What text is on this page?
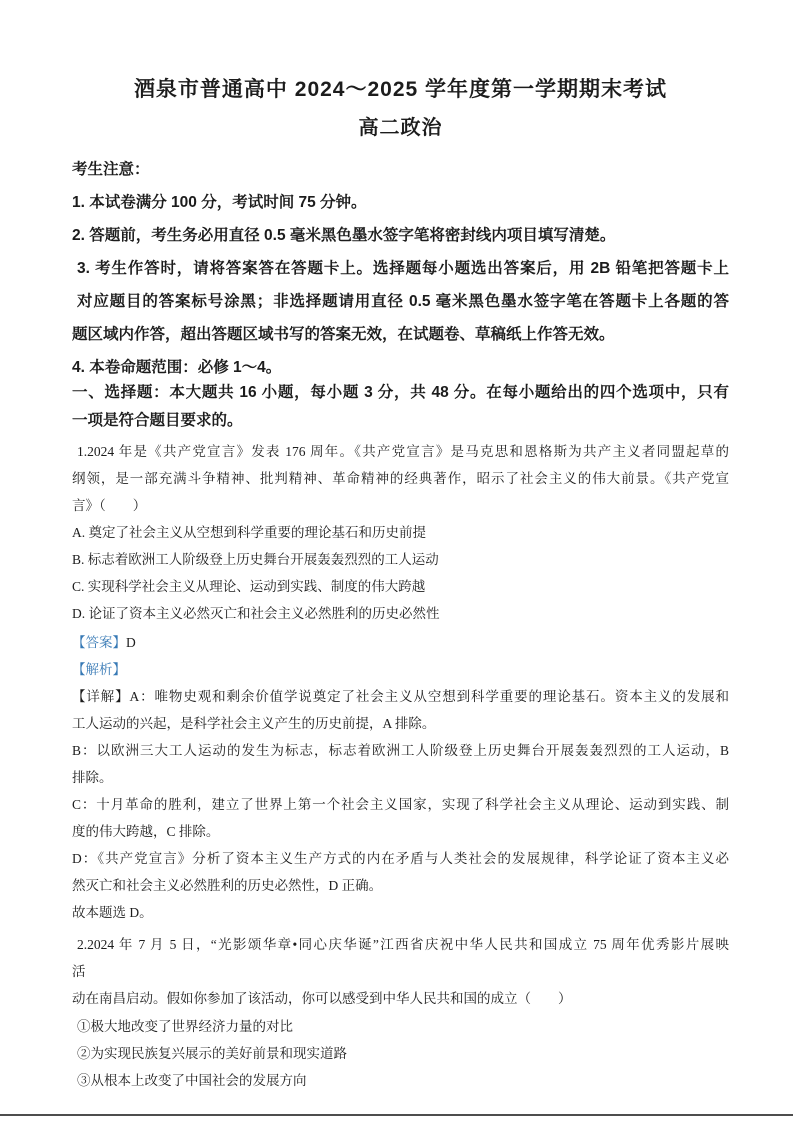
酒泉市普通高中 2024～2025 学年度第一学期期末考试
高二政治
考生注意：
1. 本试卷满分 100 分，考试时间 75 分钟。
2. 答题前，考生务必用直径 0.5 毫米黑色墨水签字笔将密封线内项目填写清楚。
3. 考生作答时，请将答案答在答题卡上。选择题每小题选出答案后，用 2B 铅笔把答题卡上
对应题目的答案标号涂黑；非选择题请用直径 0.5 毫米黑色墨水签字笔在答题卡上各题的答
题区域内作答，超出答题区域书写的答案无效，在试题卷、草稿纸上作答无效。
4. 本卷命题范围：必修 1～4。
一、选择题：本大题共 16 小题，每小题 3 分，共 48 分。在每小题给出的四个选项中，只有
一项是符合题目要求的。
1.2024 年是《共产党宣言》发表 176 周年。《共产党宣言》是马克思和恩格斯为共产主义者同盟起草的
纲领，是一部充满斗争精神、批判精神、革命精神的经典著作，昭示了社会主义的伟大前景。《共产党宣
言》（　　）
A. 奠定了社会主义从空想到科学重要的理论基石和历史前提
B. 标志着欧洲工人阶级登上历史舞台开展轰轰烈烈的工人运动
C. 实现科学社会主义从理论、运动到实践、制度的伟大跨越
D. 论证了资本主义必然灭亡和社会主义必然胜利的历史必然性
【答案】D
【解析】
【详解】A：唯物史观和剩余价值学说奠定了社会主义从空想到科学重要的理论基石。资本主义的发展和
工人运动的兴起，是科学社会主义产生的历史前提，A 排除。
B：以欧洲三大工人运动的发生为标志，标志着欧洲工人阶级登上历史舞台开展轰轰烈烈的工人运动，B
排除。
C：十月革命的胜利，建立了世界上第一个社会主义国家，实现了科学社会主义从理论、运动到实践、制
度的伟大跨越，C 排除。
D：《共产党宣言》分析了资本主义生产方式的内在矛盾与人类社会的发展规律，科学论证了资本主义必
然灭亡和社会主义必然胜利的历史必然性，D 正确。
故本题选 D。
2.2024 年 7 月 5 日，“光影颂华章•同心庆华诞”江西省庆祝中华人民共和国成立 75 周年优秀影片展映
活
动在南昌启动。假如你参加了该活动，你可以感受到中华人民共和国的成立（　　）
①极大地改变了世界经济力量的对比
②为实现民族复兴展示的美好前景和现实道路
③从根本上改变了中国社会的发展方向
